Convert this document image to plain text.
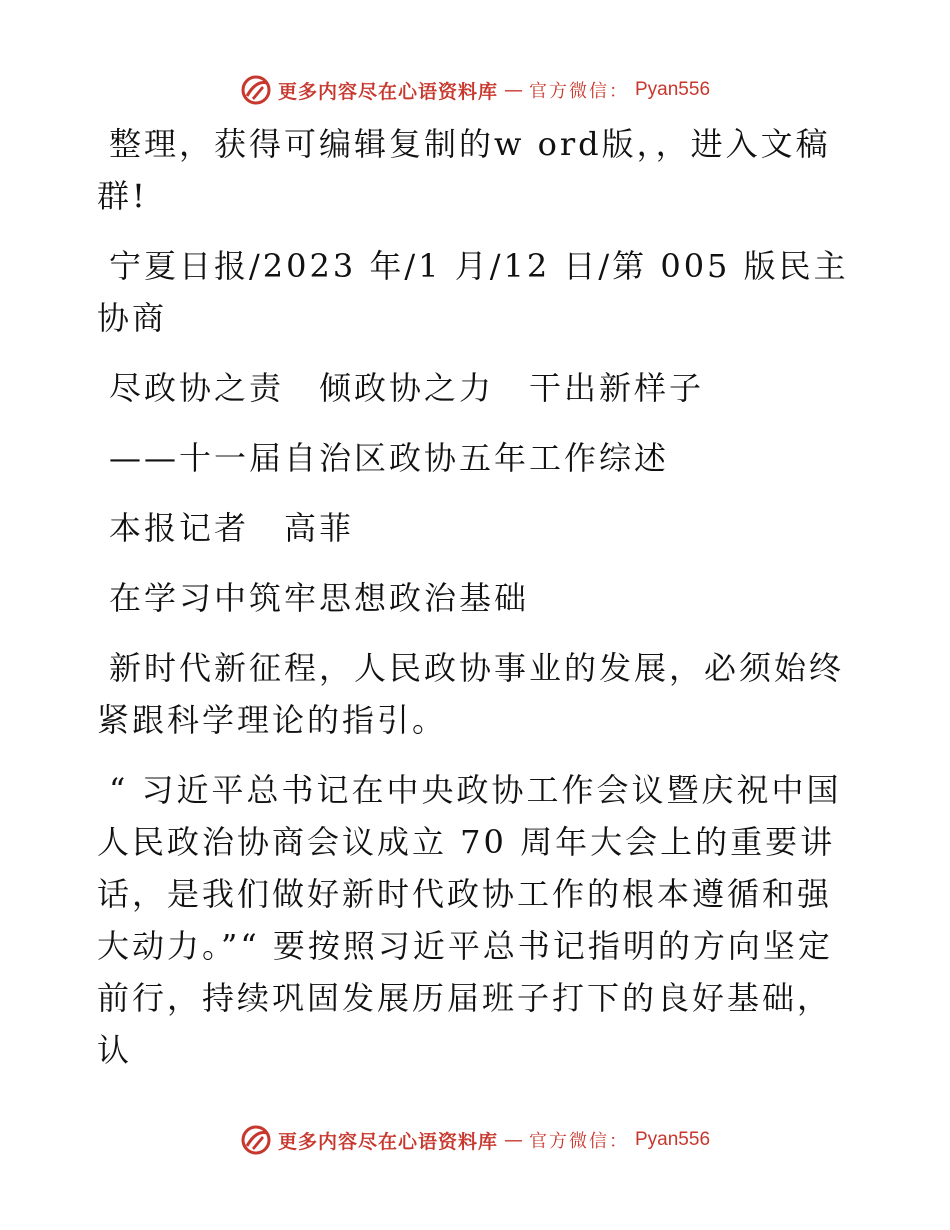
更多内容尽在心语资料库 — 官方微信： Pyan556

整理，获得可编辑复制的w ord版，，进入文稿群!

宁夏日报/2023 年/1 月/12 日/第 005 版民主协商

尽政协之责　倾政协之力　干出新样子

——十一届自治区政协五年工作综述

本报记者　高菲

在学习中筑牢思想政治基础

新时代新征程，人民政协事业的发展，必须始终紧跟科学理论的指引。

“ 习近平总书记在中央政协工作会议暨庆祝中国人民政治协商会议成立 70 周年大会上的重要讲话，是我们做好新时代政协工作的根本遵循和强大动力。”“ 要按照习近平总书记指明的方向坚定前行，持续巩固发展历届班子打下的良好基础，认

更多内容尽在心语资料库 — 官方微信： Pyan556
